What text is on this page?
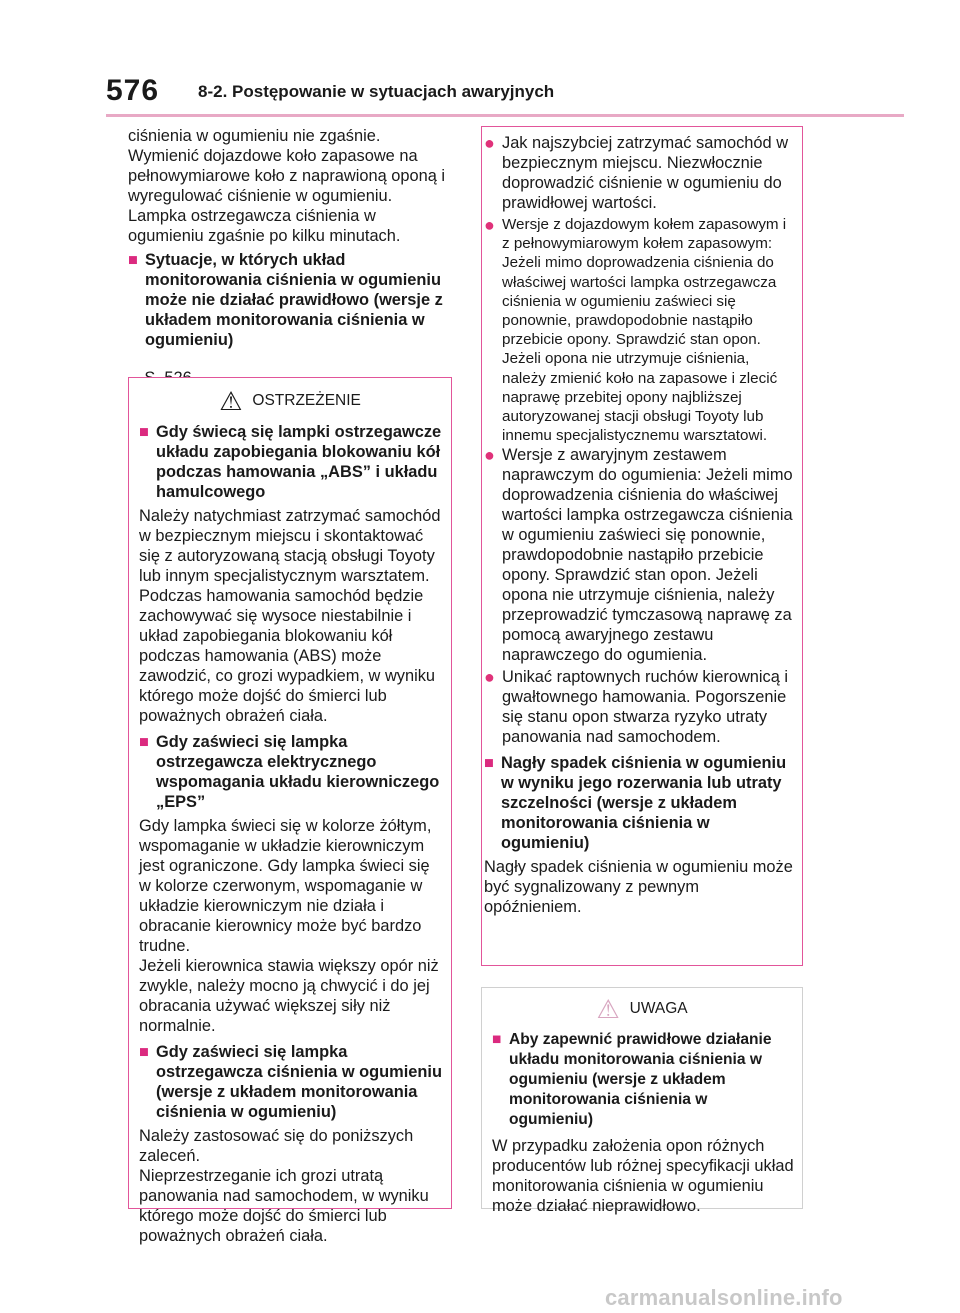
576 8-2. Postępowanie w sytuacjach awaryjnych

ciśnienia w ogumieniu nie zgaśnie. Wymienić dojazdowe koło zapasowe na pełnowymiarowe koło z naprawioną oponą i wyregulować ciśnienie w ogumieniu. Lampka ostrzegawcza ciśnienia w ogumieniu zgaśnie po kilku minutach.

■ Sytuacje, w których układ monitorowania ciśnienia w ogumieniu może nie działać prawidłowo (wersje z układem monitorowania ciśnienia w ogumieniu)

⚠ OSTRZEŻENIE
■ Gdy świecą się lampki ostrzegawcze układu zapobiegania blokowaniu kół podczas hamowania „ABS” i układu hamulcowego

Należy natychmiast zatrzymać samochód w bezpiecznym miejscu i skontaktować się z autoryzowaną stacją obsługi Toyoty lub innym specjalistycznym warsztatem.

Podczas hamowania samochód będzie zachowywać się wysoce niestabilnie i układ zapobiegania blokowaniu kół podczas hamowania (ABS) może zawodzić, co grozi wypadkiem, w wyniku którego może dojść do śmierci lub poważnych obrażeń ciała.

■ Gdy zaświeci się lampka ostrzegawcza elektrycznego wspomagania układu kierowniczego „EPS”

Gdy lampka świeci się w kolorze żółtym, wspomaganie w układzie kierowniczym jest ograniczone. Gdy lampka świeci się w kolorze czerwonym, wspomaganie w układzie kierowniczym nie działa i obracanie kierownicy może być bardzo trudne.

Jeżeli kierownica stawia większy opór niż zwykle, należy mocno ją chwycić i do jej obracania używać większej siły niż normalnie.

■ Gdy zaświeci się lampka ostrzegawcza ciśnienia w ogumieniu (wersje z układem monitorowania ciśnienia w ogumieniu)

Należy zastosować się do poniższych zaleceń.

Nieprzestrzeganie ich grozi utratą panowania nad samochodem, w wyniku którego może dojść do śmierci lub poważnych obrażeń ciała.

● Jak najszybciej zatrzymać samochód w bezpiecznym miejscu. Niezwłocznie doprowadzić ciśnienie w ogumieniu do prawidłowej wartości.
● Wersje z dojazdowym kołem zapasowym i z pełnowymiarowym kołem zapasowym: Jeżeli mimo doprowadzenia ciśnienia do właściwej wartości lampka ostrzegawcza ciśnienia w ogumieniu zaświeci się ponownie, prawdopodobnie nastąpiło przebicie opony. Sprawdzić stan opon. Jeżeli opona nie utrzymuje ciśnienia, należy zmienić koło na zapasowe i zlecić naprawę przebitej opony najbliższej autoryzowanej stacji obsługi Toyoty lub innemu specjalistycznemu warsztatowi.
● Wersje z awaryjnym zestawem naprawczym do ogumienia: Jeżeli mimo doprowadzenia ciśnienia do właściwej wartości lampka ostrzegawcza ciśnienia w ogumieniu zaświeci się ponownie, prawdopodobnie nastąpiło przebicie opony. Sprawdzić stan opon. Jeżeli opona nie utrzymuje ciśnienia, należy przeprowadzić tymczasową naprawę za pomocą awaryjnego zestawu naprawczego do ogumienia.
● Unikać raptownych ruchów kierownicą i gwałtownego hamowania. Pogorszenie się stanu opon stwarza ryzyko utraty panowania nad samochodem.
■ Nagły spadek ciśnienia w ogumieniu w wyniku jego rozerwania lub utraty szczelności (wersje z układem monitorowania ciśnienia w ogumieniu)

Nagły spadek ciśnienia w ogumieniu może być sygnalizowany z pewnym opóźnieniem.

⚠ UWAGA
■ Aby zapewnić prawidłowe działanie układu monitorowania ciśnienia w ogumieniu (wersje z układem monitorowania ciśnienia w ogumieniu)

W przypadku założenia opon różnych producentów lub różnej specyfikacji układ monitorowania ciśnienia w ogumieniu może działać nieprawidłowo.

carmanualsonline.info
